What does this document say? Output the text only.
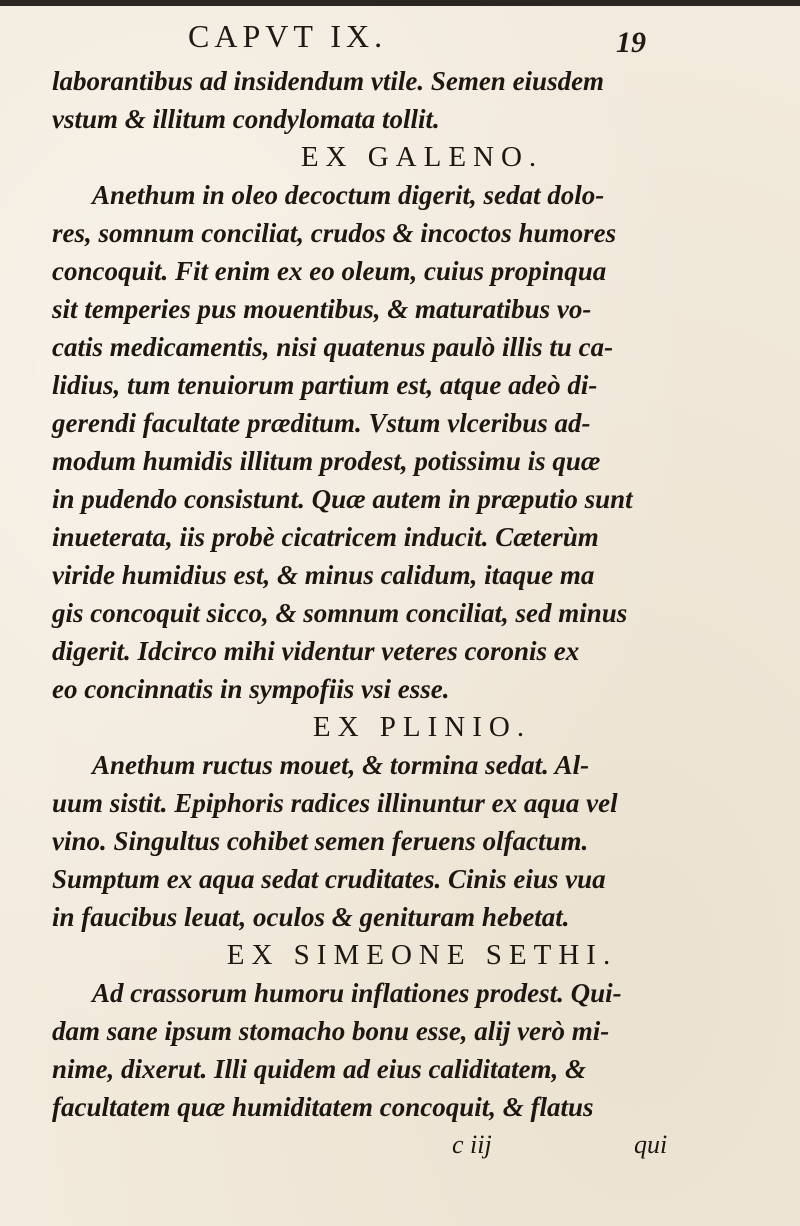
CAPVT IX.	19
laborantibus ad insidendum vtile. Semen eiusdem
vstum & illitum condylomata tollit.
EX GALENO.
Anethum in oleo decoctum digerit, sedat dolo-
res, somnum conciliat, crudos & incoctos humores
concoquit. Fit enim ex eo oleum, cuius propinqua
sit temperies pus mouentibus, & maturatibus vo-
catis medicamentis, nisi quatenus paulò illis tu ca-
lidius, tum tenuiorum partium est, atque adeò di-
gerendi facultate præditum. Vstum vlceribus ad-
modum humidis illitum prodest, potissimu is quæ
in pudendo consistunt. Quæ autem in præputio sunt
inueterata, iis probè cicatricem inducit. Cæterùm
viride humidius est, & minus calidum, itaque ma
gis concoquit sicco, & somnum conciliat, sed minus
digerit. Idcirco mihi videntur veteres coronis ex
eo concinnatis in sympofiis vsi esse.
EX PLINIO.
Anethum ructus mouet, & tormina sedat. Al-
uum sistit. Epiphoris radices illinuntur ex aqua vel
vino. Singultus cohibet semen feruens olfactum.
Sumptum ex aqua sedat cruditates. Cinis eius vua
in faucibus leuat, oculos & genituram hebetat.
EX SIMEONE SETHI.
Ad crassorum humoru inflationes prodest. Qui-
dam sane ipsum stomacho bonu esse, alij verò mi-
nime, dixerut. Illi quidem ad eius caliditatem, &
facultatem quæ humiditatem concoquit, & flatus
c iij	qui
